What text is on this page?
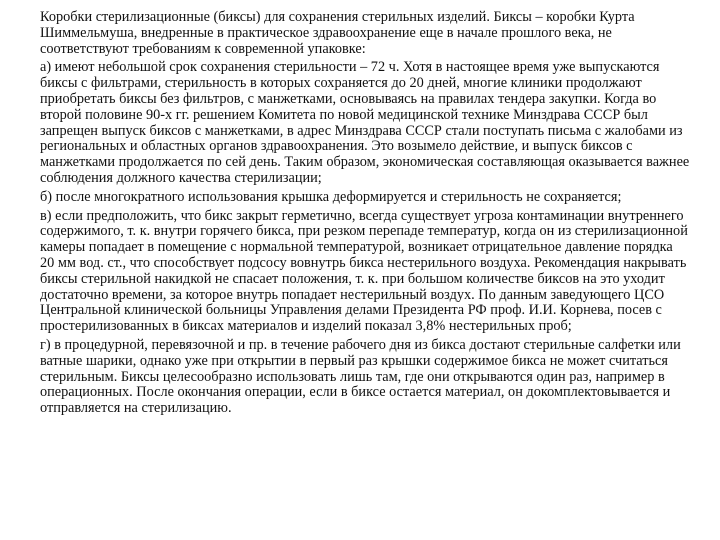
Коробки стерилизационные (биксы) для сохранения стерильных изделий. Биксы – коробки Курта Шиммельмуша, внедренные в практическое здравоохранение еще в начале прошлого века, не соответствуют требованиям к современной упаковке:

а) имеют небольшой срок сохранения стерильности – 72 ч. Хотя в настоящее время уже выпускаются биксы с фильтрами, стерильность в которых сохраняется до 20 дней, многие клиники продолжают приобретать биксы без фильтров, с манжетками, основываясь на правилах тендера закупки. Когда во второй половине 90-х гг. решением Комитета по новой медицинской технике Минздрава СССР был запрещен выпуск биксов с манжетками, в адрес Минздрава СССР стали поступать письма с жалобами из региональных и областных органов здравоохранения. Это возымело действие, и выпуск биксов с манжетками продолжается по сей день. Таким образом, экономическая составляющая оказывается важнее соблюдения должного качества стерилизации;

б) после многократного использования крышка деформируется и стерильность не сохраняется;

в) если предположить, что бикс закрыт герметично, всегда существует угроза контаминации внутреннего содержимого, т. к. внутри горячего бикса, при резком перепаде температур, когда он из стерилизационной камеры попадает в помещение с нормальной температурой, возникает отрицательное давление порядка 20 мм вод. ст., что способствует подсосу вовнутрь бикса нестерильного воздуха. Рекомендация накрывать биксы стерильной накидкой не спасает положения, т. к. при большом количестве биксов на это уходит достаточно времени, за которое внутрь попадает нестерильный воздух. По данным заведующего ЦСО Центральной клинической больницы Управления делами Президента РФ проф. И.И. Корнева, посев с простерилизованных в биксах материалов и изделий показал 3,8% нестерильных проб;

г) в процедурной, перевязочной и пр. в течение рабочего дня из бикса достают стерильные салфетки или ватные шарики, однако уже при открытии в первый раз крышки содержимое бикса не может считаться стерильным. Биксы целесообразно использовать лишь там, где они открываются один раз, например в операционных. После окончания операции, если в биксе остается материал, он докомплектовывается и отправляется на стерилизацию.
